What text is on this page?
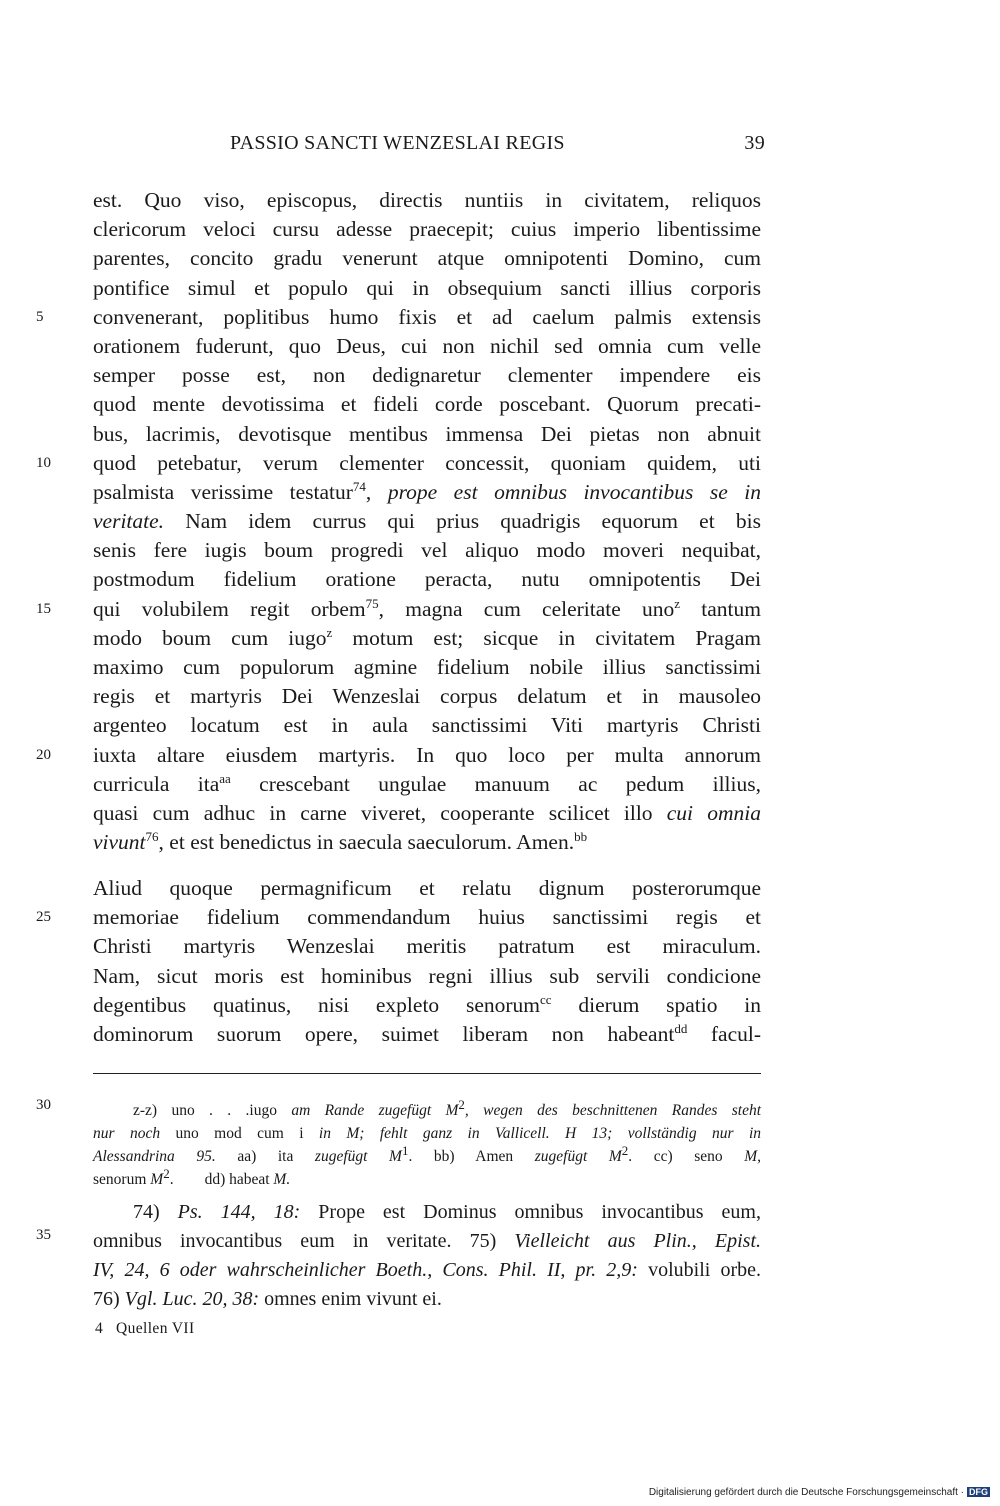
PASSIO SANCTI WENZESLAI REGIS	39
est. Quo viso, episcopus, directis nuntiis in civitatem, reliquos
clericorum veloci cursu adesse praecepit; cuius imperio libentissime
parentes, concito gradu venerunt atque omnipotenti Domino, cum
pontifice simul et populo qui in obsequium sancti illius corporis
convenerant, poplitibus humo fixis et ad caelum palmis extensis
orationem fuderunt, quo Deus, cui non nichil sed omnia cum velle
semper posse est, non dedignaretur clementer impendere eis
quod mente devotissima et fideli corde poscebant. Quorum precati-
bus, lacrimis, devotisque mentibus immensa Dei pietas non abnuit
quod petebatur, verum clementer concessit, quoniam quidem, uti
psalmista verissime testatur$^{74}$, prope est omnibus invocantibus se in
veritate. Nam idem currus qui prius quadrigis equorum et bis
senis fere iugis boum progredi vel aliquo modo moveri nequibat,
postmodum fidelium oratione peracta, nutu omnipotentis Dei
qui volubilem regit orbem$^{75}$, magna cum celeritate uno$^z$ tantum
modo boum cum iugo$^z$ motum est; sicque in civitatem Pragam
maximo cum populorum agmine fidelium nobile illius sanctissimi
regis et martyris Dei Wenzeslai corpus delatum et in mausoleo
argenteo locatum est in aula sanctissimi Viti martyris Christi
iuxta altare eiusdem martyris. In quo loco per multa annorum
curricula ita$^{aa}$ crescebant ungulae manuum ac pedum illius,
quasi cum adhuc in carne viveret, cooperante scilicet illo cui omnia
vivunt$^{76}$, et est benedictus in saecula saeculorum. Amen.$^{bb}$
Aliud quoque permagnificum et relatu dignum posterorumque
memoriae fidelium commendandum huius sanctissimi regis et
Christi martyris Wenzeslai meritis patratum est miraculum.
Nam, sicut moris est hominibus regni illius sub servili condicione
degentibus quatinus, nisi expleto senorum$^{cc}$ dierum spatio in
dominorum suorum opere, suimet liberam non habeant$^{dd}$ facul-
5
10
15
20
25
30
35
z-z) uno . . .iugo am Rande zugefügt $M^2$, wegen des beschnittenen Randes steht
nur noch uno mod cum i in M; fehlt ganz in Vallicell. H 13; vollständig nur in
Alessandrina 95. aa) ita zugefügt $M^1$. bb) Amen zugefügt $M^2$. cc) seno M,
senorum $M^2$. dd) habeat M.
74) Ps. 144, 18: Prope est Dominus omnibus invocantibus eum,
omnibus invocantibus eum in veritate. 75) Vielleicht aus Plin., Epist.
IV, 24, 6 oder wahrscheinlicher Boeth., Cons. Phil. II, pr. 2,9: volubili orbe.
76) Vgl. Luc. 20, 38: omnes enim vivunt ei.
4   Quellen VII
Digitalisierung gefördert durch die Deutsche Forschungsgemeinschaft · DFG
